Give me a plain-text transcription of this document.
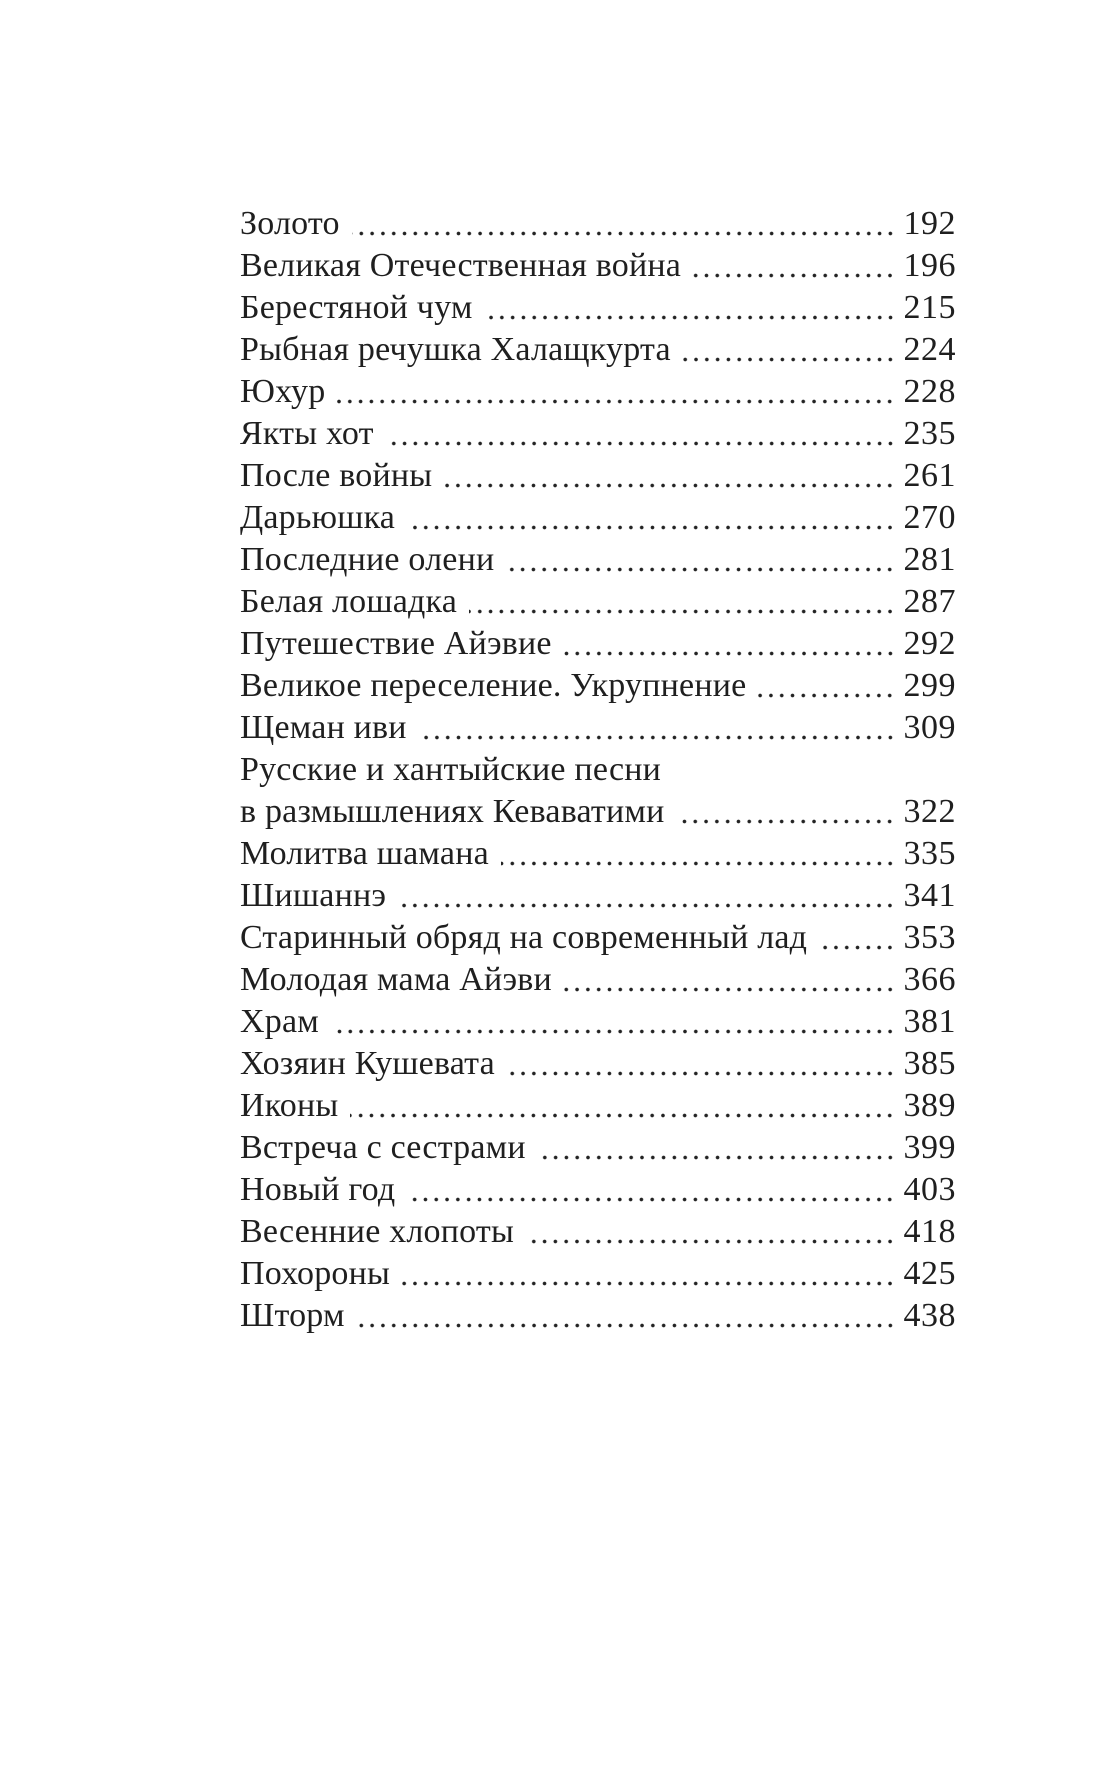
Золото	192
Великая Отечественная война	196
Берестяной чум	215
Рыбная речушка Халащкурта	224
Юхур	228
Якты хот	235
После войны	261
Дарьюшка	270
Последние олени	281
Белая лошадка	287
Путешествие Айэвие	292
Великое переселение. Укрупнение	299
Щеман иви	309
Русские и хантыйские песни
в размышлениях Кеваватими	322
Молитва шамана	335
Шишаннэ	341
Старинный обряд на современный лад	353
Молодая мама Айэви	366
Храм	381
Хозяин Кушевата	385
Иконы	389
Встреча с сестрами	399
Новый год	403
Весенние хлопоты	418
Похороны	425
Шторм	438
